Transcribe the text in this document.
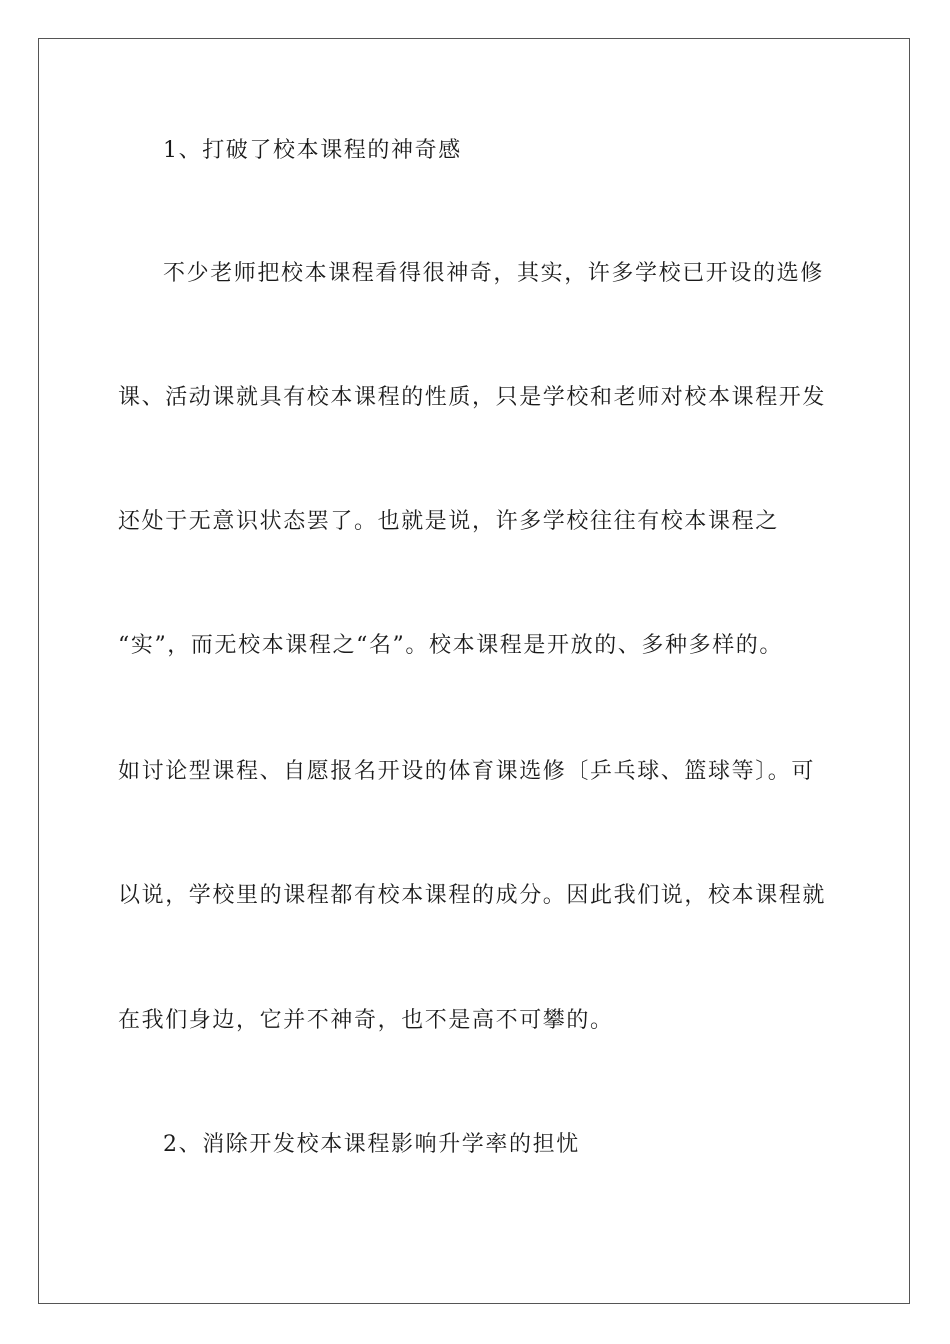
1、打破了校本课程的神奇感
不少老师把校本课程看得很神奇，其实，许多学校已开设的选修
课、活动课就具有校本课程的性质，只是学校和老师对校本课程开发
还处于无意识状态罢了。也就是说，许多学校往往有校本课程之
“实”，而无校本课程之“名”。校本课程是开放的、多种多样的。
如讨论型课程、自愿报名开设的体育课选修〔乒乓球、篮球等〕。可
以说，学校里的课程都有校本课程的成分。因此我们说，校本课程就
在我们身边，它并不神奇，也不是高不可攀的。
2、消除开发校本课程影响升学率的担忧
